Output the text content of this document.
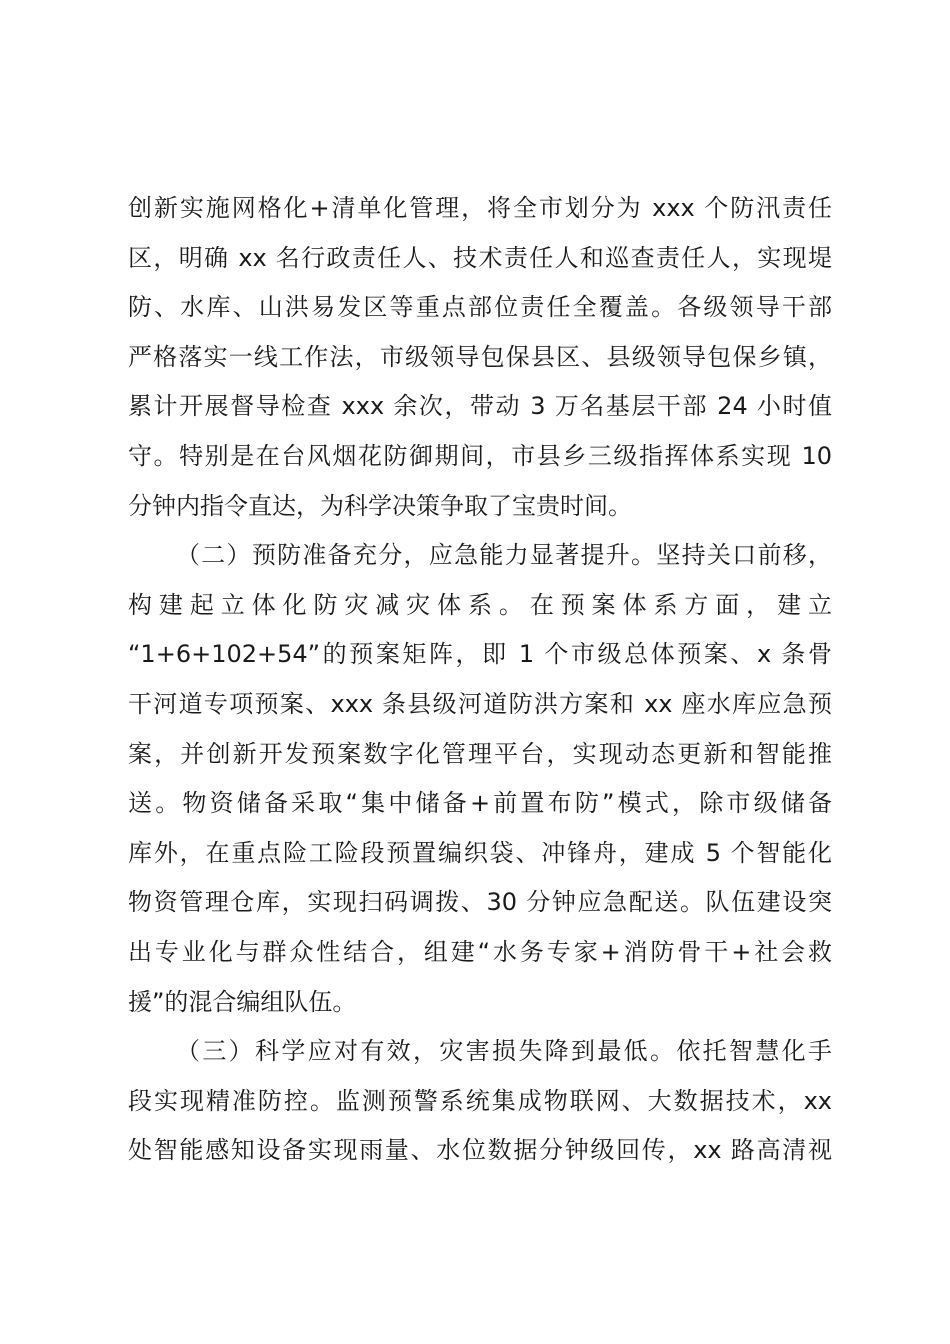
创新实施网格化+清单化管理，将全市划分为 xxx 个防汛责任
区，明确 xx 名行政责任人、技术责任人和巡查责任人，实现堤
防、水库、山洪易发区等重点部位责任全覆盖。各级领导干部
严格落实一线工作法，市级领导包保县区、县级领导包保乡镇，
累计开展督导检查 xxx 余次，带动 3 万名基层干部 24 小时值
守。特别是在台风烟花防御期间，市县乡三级指挥体系实现 10
分钟内指令直达，为科学决策争取了宝贵时间。
（二）预防准备充分，应急能力显著提升。坚持关口前移，
构建起立体化防灾减灾体系。在预案体系方面，建立
“1+6+102+54”的预案矩阵，即 1 个市级总体预案、x 条骨
干河道专项预案、xxx 条县级河道防洪方案和 xx 座水库应急预
案，并创新开发预案数字化管理平台，实现动态更新和智能推
送。物资储备采取“集中储备+前置布防”模式，除市级储备
库外，在重点险工险段预置编织袋、冲锋舟，建成 5 个智能化
物资管理仓库，实现扫码调拨、30 分钟应急配送。队伍建设突
出专业化与群众性结合，组建“水务专家+消防骨干+社会救
援”的混合编组队伍。
（三）科学应对有效，灾害损失降到最低。依托智慧化手
段实现精准防控。监测预警系统集成物联网、大数据技术，xx
处智能感知设备实现雨量、水位数据分钟级回传，xx 路高清视
